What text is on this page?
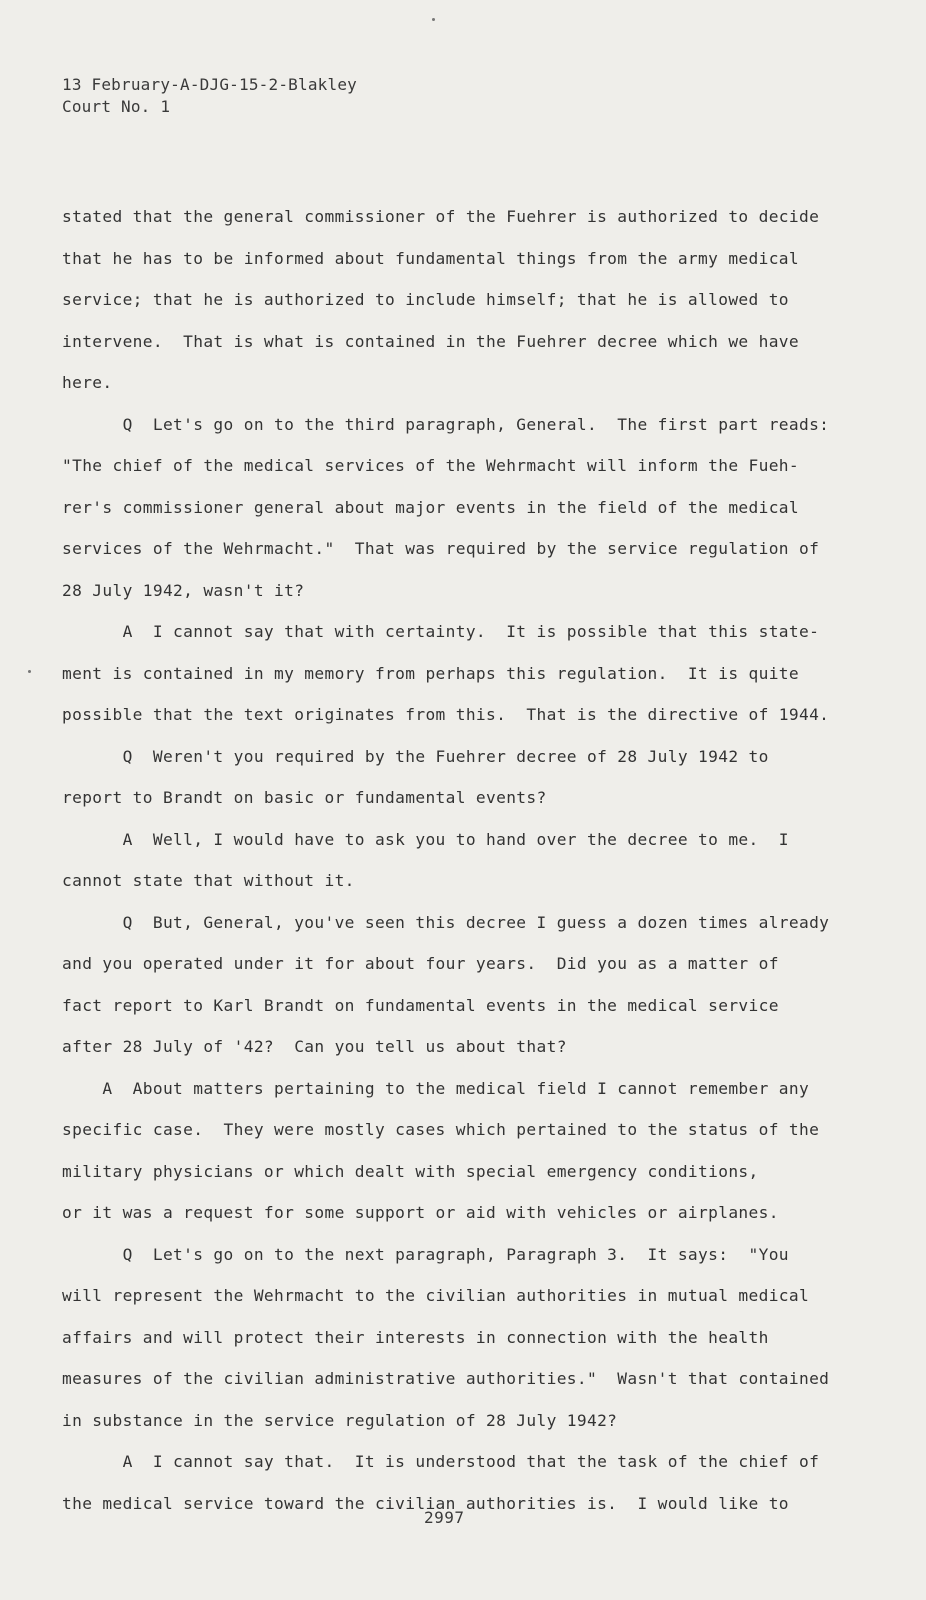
13 February-A-DJG-15-2-Blakley
Court No. 1
stated that the general commissioner of the Fuehrer is authorized to decide
that he has to be informed about fundamental things from the army medical
service; that he is authorized to include himself; that he is allowed to
intervene.  That is what is contained in the Fuehrer decree which we have
here.
Q  Let's go on to the third paragraph, General.  The first part reads:
"The chief of the medical services of the Wehrmacht will inform the Fueh-
rer's commissioner general about major events in the field of the medical
services of the Wehrmacht."  That was required by the service regulation of
28 July 1942, wasn't it?
A  I cannot say that with certainty.  It is possible that this state-
ment is contained in my memory from perhaps this regulation.  It is quite
possible that the text originates from this.  That is the directive of 1944.
Q  Weren't you required by the Fuehrer decree of 28 July 1942 to
report to Brandt on basic or fundamental events?
A  Well, I would have to ask you to hand over the decree to me.  I
cannot state that without it.
Q  But, General, you've seen this decree I guess a dozen times already
and you operated under it for about four years.  Did you as a matter of
fact report to Karl Brandt on fundamental events in the medical service
after 28 July of '42?  Can you tell us about that?
A  About matters pertaining to the medical field I cannot remember any
specific case.  They were mostly cases which pertained to the status of the
military physicians or which dealt with special emergency conditions,
or it was a request for some support or aid with vehicles or airplanes.
Q  Let's go on to the next paragraph, Paragraph 3.  It says:  "You
will represent the Wehrmacht to the civilian authorities in mutual medical
affairs and will protect their interests in connection with the health
measures of the civilian administrative authorities."  Wasn't that contained
in substance in the service regulation of 28 July 1942?
A  I cannot say that.  It is understood that the task of the chief of
the medical service toward the civilian authorities is.  I would like to
2997
